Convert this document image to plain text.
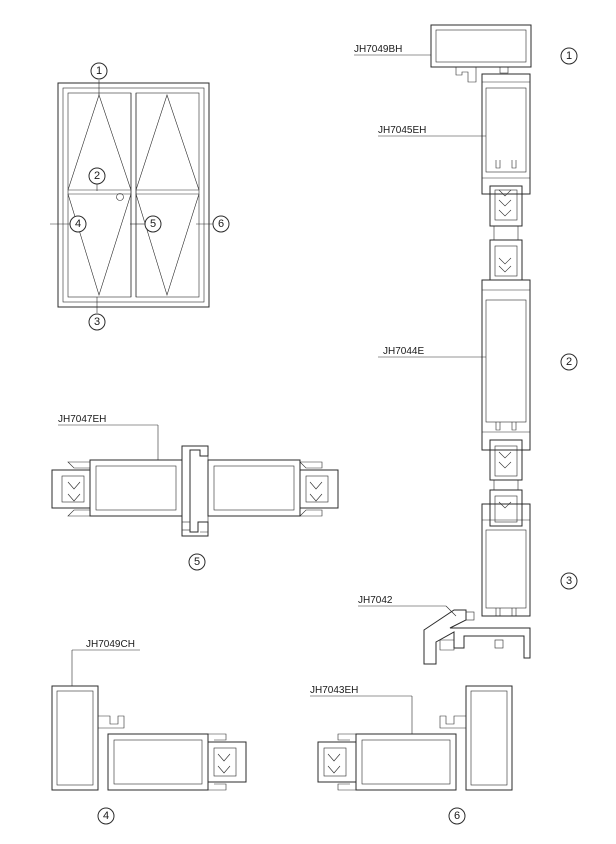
1
2
3
4	5	6
JH7049BH
JH7045EH
JH7044E
JH7042
1
2
3
JH7047EH
5
JH7049CH
4
JH7043EH
6
